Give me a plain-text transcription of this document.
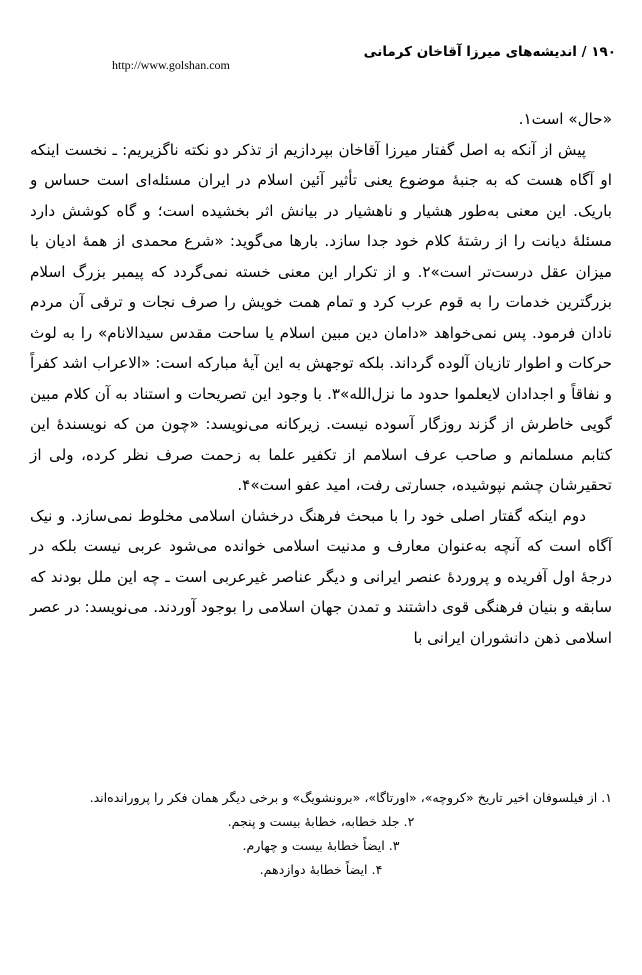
۱۹۰ / اندیشه‌های میرزا آقاخان کرمانی
http://www.golshan.com

«حال» است۱.

پیش از آنکه به اصل گفتار میرزا آقاخان بپردازیم از تذکر دو نکته ناگزیریم: ـ نخست اینکه او آگاه هست که به جنبهٔ موضوع یعنی تأثیر آئین اسلام در ایران مسئله‌ای است حساس و باریک. این معنی به‌طور هشیار و ناهشیار در بیانش اثر بخشیده است؛ و گاه کوشش دارد مسئلهٔ دیانت را از رشتهٔ کلام خود جدا سازد. بارها می‌گوید: «شرع محمدی از همهٔ ادیان با میزان عقل درست‌تر است»۲. و از تکرار این معنی خسته نمی‌گردد که پیمبر بزرگ اسلام بزرگترین خدمات را به قوم عرب کرد و تمام همت خویش را صرف نجات و ترقی آن مردم نادان فرمود. پس نمی‌خواهد «دامان دین مبین اسلام یا ساحت مقدس سیدالانام» را به لوث حرکات و اطوار تازیان آلوده گرداند. بلکه توجهش به این آیهٔ مبارکه است: «الاعراب اشد کفراً و نفاقاً و اجدادان لایعلموا حدود ما نزل‌الله»۳. با وجود این تصریحات و استناد به آن کلام مبین گویی خاطرش از گزند روزگار آسوده نیست. زیرکانه می‌نویسد: «چون من که نویسندهٔ این کتابم مسلمانم و صاحب عرف اسلامم از تکفیر علما به زحمت صرف نظر کرده، ولی از تحقیرشان چشم نپوشیده، جسارتی رفت، امید عفو است»۴.

دوم اینکه گفتار اصلی خود را با مبحث فرهنگ درخشان اسلامی مخلوط نمی‌سازد. و نیک آگاه است که آنچه به‌عنوان معارف و مدنیت اسلامی خوانده می‌شود عربی نیست بلکه در درجهٔ اول آفریده و پروردهٔ عنصر ایرانی و دیگر عناصر غیرعربی است ـ چه این ملل بودند که سابقه و بنیان فرهنگی قوی داشتند و تمدن جهان اسلامی را بوجود آوردند. می‌نویسد: در عصر اسلامی ذهن دانشوران ایرانی با

۱. از فیلسوفان اخیر تاریخ «کروچه»، «اورتاگا»، «برونشویگ» و برخی دیگر همان فکر را پرورانده‌اند.

۲. جلد خطابه، خطابهٔ بیست و پنجم.

۳. ایضاً خطابهٔ بیست و چهارم.

۴. ایضاً خطابهٔ دوازدهم.
